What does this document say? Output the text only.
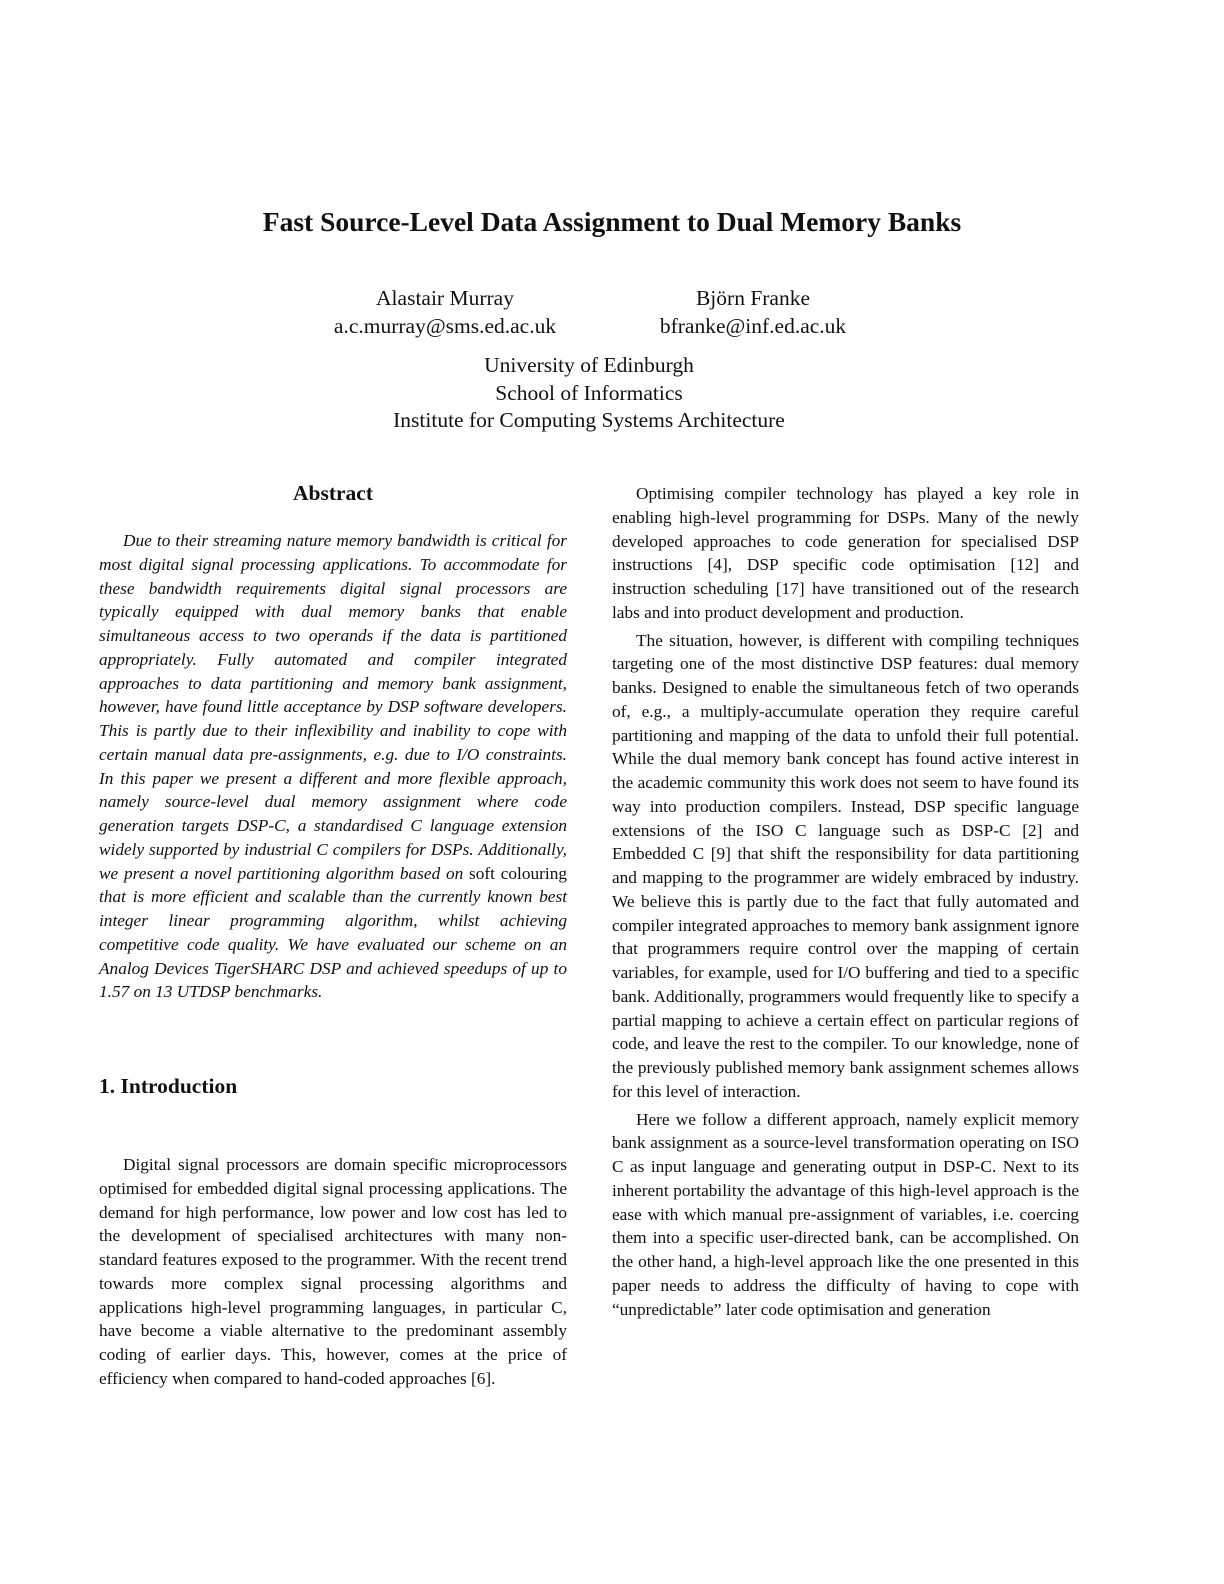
Fast Source-Level Data Assignment to Dual Memory Banks
Alastair Murray
a.c.murray@sms.ed.ac.uk
Björn Franke
bfranke@inf.ed.ac.uk
University of Edinburgh
School of Informatics
Institute for Computing Systems Architecture
Abstract

Due to their streaming nature memory bandwidth is critical for most digital signal processing applications. To accommodate for these bandwidth requirements digital signal processors are typically equipped with dual memory banks that enable simultaneous access to two operands if the data is partitioned appropriately. Fully automated and compiler integrated approaches to data partitioning and memory bank assignment, however, have found little acceptance by DSP software developers. This is partly due to their inflexibility and inability to cope with certain manual data pre-assignments, e.g. due to I/O constraints. In this paper we present a different and more flexible approach, namely source-level dual memory assignment where code generation targets DSP-C, a standardised C language extension widely supported by industrial C compilers for DSPs. Additionally, we present a novel partitioning algorithm based on soft colouring that is more efficient and scalable than the currently known best integer linear programming algorithm, whilst achieving competitive code quality. We have evaluated our scheme on an Analog Devices TigerSHARC DSP and achieved speedups of up to 1.57 on 13 UTDSP benchmarks.

1. Introduction

Digital signal processors are domain specific microprocessors optimised for embedded digital signal processing applications. The demand for high performance, low power and low cost has led to the development of specialised architectures with many non-standard features exposed to the programmer. With the recent trend towards more complex signal processing algorithms and applications high-level programming languages, in particular C, have become a viable alternative to the predominant assembly coding of earlier days. This, however, comes at the price of efficiency when compared to hand-coded approaches [6].

Optimising compiler technology has played a key role in enabling high-level programming for DSPs. Many of the newly developed approaches to code generation for specialised DSP instructions [4], DSP specific code optimisation [12] and instruction scheduling [17] have transitioned out of the research labs and into product development and production.

The situation, however, is different with compiling techniques targeting one of the most distinctive DSP features: dual memory banks. Designed to enable the simultaneous fetch of two operands of, e.g., a multiply-accumulate operation they require careful partitioning and mapping of the data to unfold their full potential. While the dual memory bank concept has found active interest in the academic community this work does not seem to have found its way into production compilers. Instead, DSP specific language extensions of the ISO C language such as DSP-C [2] and Embedded C [9] that shift the responsibility for data partitioning and mapping to the programmer are widely embraced by industry. We believe this is partly due to the fact that fully automated and compiler integrated approaches to memory bank assignment ignore that programmers require control over the mapping of certain variables, for example, used for I/O buffering and tied to a specific bank. Additionally, programmers would frequently like to specify a partial mapping to achieve a certain effect on particular regions of code, and leave the rest to the compiler. To our knowledge, none of the previously published memory bank assignment schemes allows for this level of interaction.

Here we follow a different approach, namely explicit memory bank assignment as a source-level transformation operating on ISO C as input language and generating output in DSP-C. Next to its inherent portability the advantage of this high-level approach is the ease with which manual pre-assignment of variables, i.e. coercing them into a specific user-directed bank, can be accomplished. On the other hand, a high-level approach like the one presented in this paper needs to address the difficulty of having to cope with “unpredictable” later code optimisation and generation
